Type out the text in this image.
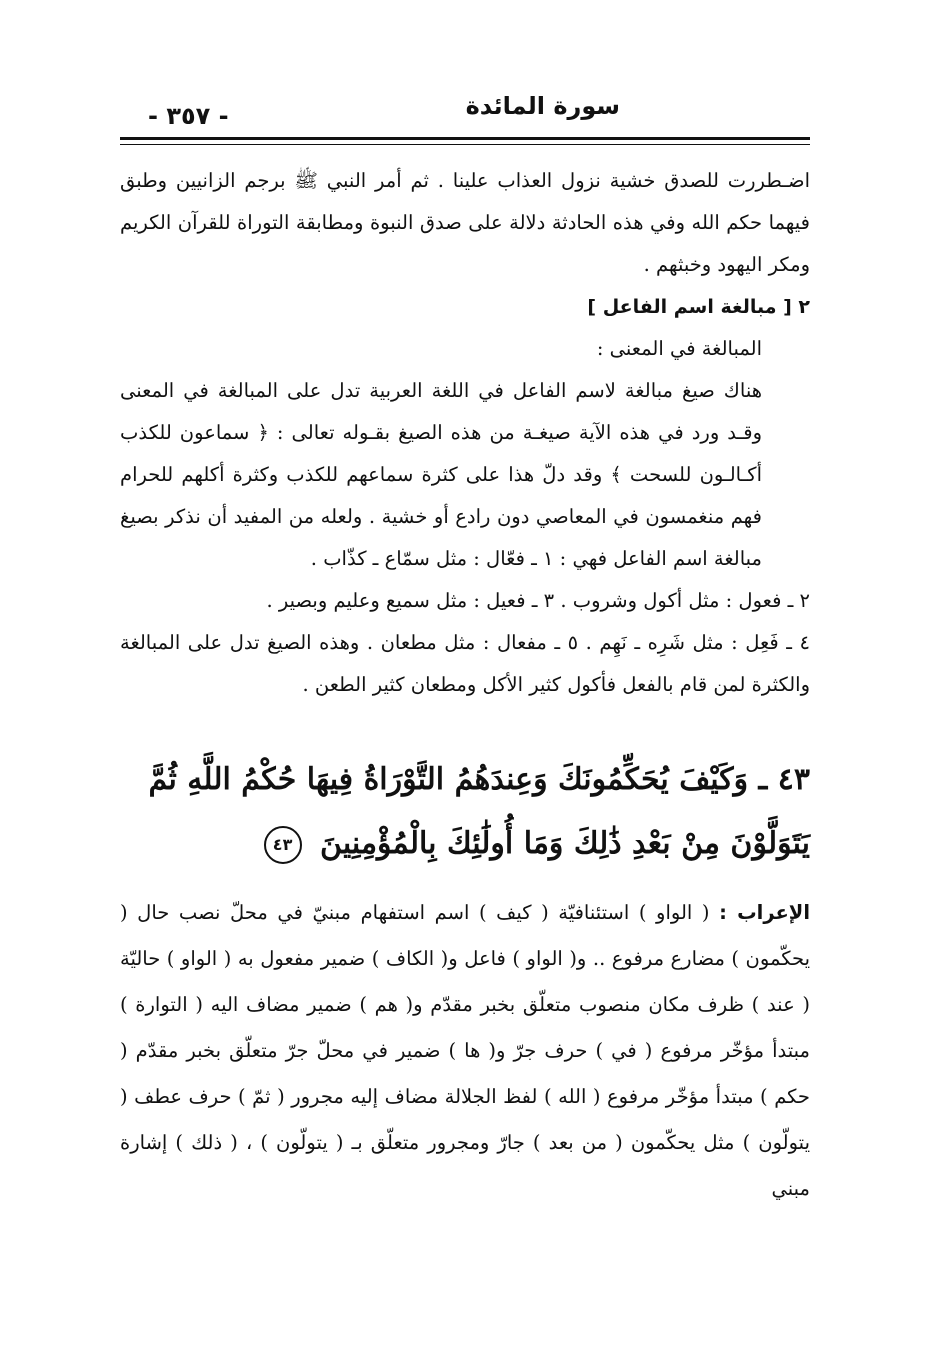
- ٣٥٧ -	سورة المائدة

اضـطررت للصدق خشية نزول العذاب علينا . ثم أمر النبي ﷺ برجم الزانيين وطبق فيهما حكم الله وفي هذه الحادثة دلالة على صدق النبوة ومطابقة التوراة للقرآن الكريم ومكر اليهود وخبثهم .

٢ [ مبالغة اسم الفاعل ]

المبالغة في المعنى :

هناك صيغ مبالغة لاسم الفاعل في اللغة العربية تدل على المبالغة في المعنى وقـد ورد في هذه الآية صيغـة من هذه الصيغ بقـوله تعالى : ﴿ سماعون للكذب أكـالـون للسحت ﴾ وقد دلّ هذا على كثرة سماعهم للكذب وكثرة أكلهم للحرام فهم منغمسون في المعاصي دون رادع أو خشية . ولعله من المفيد أن نذكر بصيغ مبالغة اسم الفاعل فهي : ١ ـ فعّال : مثل سمّاع ـ كذّاب .

٢ ـ فعول : مثل أكول وشروب . ٣ ـ فعيل : مثل سميع وعليم وبصير .

٤ ـ فَعِل : مثل شَرِه ـ نَهِم . ٥ ـ مفعال : مثل مطعان . وهذه الصيغ تدل على المبالغة والكثرة لمن قام بالفعل فأكول كثير الأكل ومطعان كثير الطعن .

٤٣ ـ وَكَيْفَ يُحَكِّمُونَكَ وَعِندَهُمُ التَّوْرَاةُ فِيهَا حُكْمُ اللَّهِ ثُمَّ يَتَوَلَّوْنَ مِنْ بَعْدِ ذَٰلِكَ وَمَا أُولَٰئِكَ بِالْمُؤْمِنِينَ ٤٣
الإعراب : ( الواو ) استئنافيّة ( كيف ) اسم استفهام مبنيّ في محلّ نصب حال ( يحكّمون ) مضارع مرفوع .. و( الواو ) فاعل و( الكاف ) ضمير مفعول به ( الواو ) حاليّة ( عند ) ظرف مكان منصوب متعلّق بخبر مقدّم و( هم ) ضمير مضاف اليه ( التوارة ) مبتدأ مؤخّر مرفوع ( في ) حرف جرّ و( ها ) ضمير في محلّ جرّ متعلّق بخبر مقدّم ( حكم ) مبتدأ مؤخّر مرفوع ( الله ) لفظ الجلالة مضاف إليه مجرور ( ثمّ ) حرف عطف ( يتولّون ) مثل يحكّمون ( من بعد ) جارّ ومجرور متعلّق بـ ( يتولّون ) ، ( ذلك ) إشارة مبني
